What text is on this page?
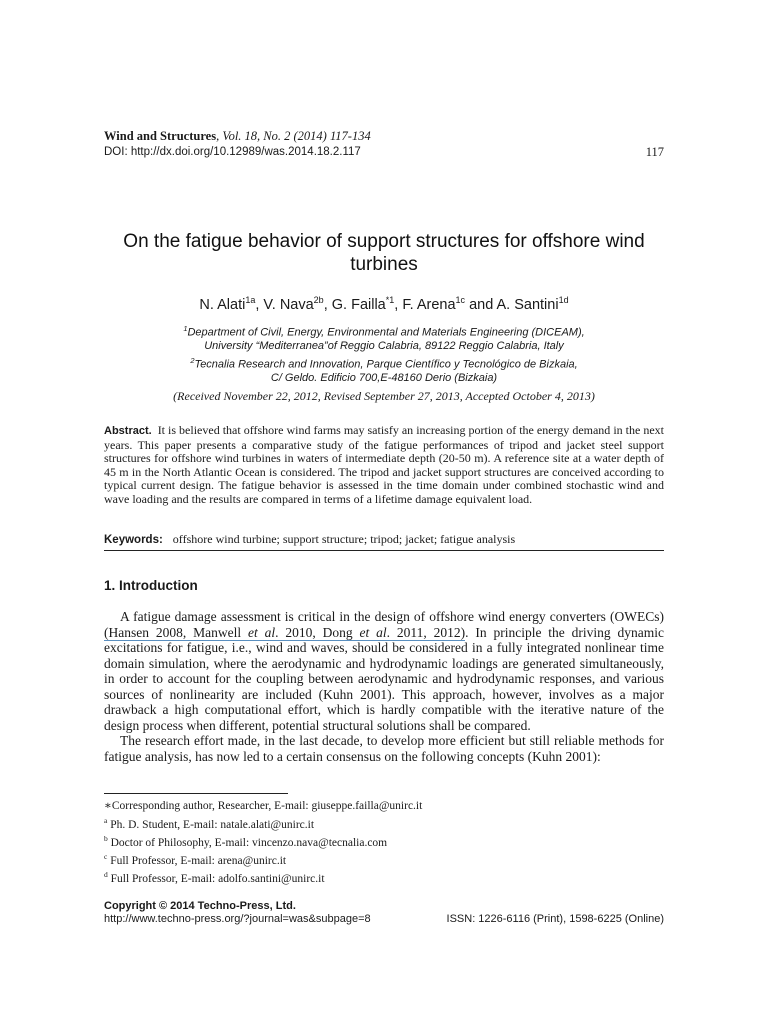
Wind and Structures, Vol. 18, No. 2 (2014) 117-134
DOI: http://dx.doi.org/10.12989/was.2014.18.2.117	117
On the fatigue behavior of support structures for offshore wind turbines
N. Alati$^{1a}$, V. Nava$^{2b}$, G. Failla$^{*1}$, F. Arena$^{1c}$ and A. Santini$^{1d}$
$^1$Department of Civil, Energy, Environmental and Materials Engineering (DICEAM),
University “Mediterranea”of Reggio Calabria, 89122 Reggio Calabria, Italy
$^2$Tecnalia Research and Innovation, Parque Científico y Tecnológico de Bizkaia,
C/ Geldo. Edificio 700,E-48160 Derio (Bizkaia)
(Received November 22, 2012, Revised September 27, 2013, Accepted October 4, 2013)
Abstract. It is believed that offshore wind farms may satisfy an increasing portion of the energy demand in the next years. This paper presents a comparative study of the fatigue performances of tripod and jacket steel support structures for offshore wind turbines in waters of intermediate depth (20-50 m). A reference site at a water depth of 45 m in the North Atlantic Ocean is considered. The tripod and jacket support structures are conceived according to typical current design. The fatigue behavior is assessed in the time domain under combined stochastic wind and wave loading and the results are compared in terms of a lifetime damage equivalent load.
Keywords: offshore wind turbine; support structure; tripod; jacket; fatigue analysis
1. Introduction

A fatigue damage assessment is critical in the design of offshore wind energy converters (OWECs) (Hansen 2008, Manwell et al. 2010, Dong et al. 2011, 2012). In principle the driving dynamic excitations for fatigue, i.e., wind and waves, should be considered in a fully integrated nonlinear time domain simulation, where the aerodynamic and hydrodynamic loadings are generated simultaneously, in order to account for the coupling between aerodynamic and hydrodynamic responses, and various sources of nonlinearity are included (Kuhn 2001). This approach, however, involves as a major drawback a high computational effort, which is hardly compatible with the iterative nature of the design process when different, potential structural solutions shall be compared.

The research effort made, in the last decade, to develop more efficient but still reliable methods for fatigue analysis, has now led to a certain consensus on the following concepts (Kuhn 2001):

∗Corresponding author, Researcher, E-mail: giuseppe.failla@unirc.it
$^a$ Ph. D. Student, E-mail: natale.alati@unirc.it
$^b$ Doctor of Philosophy, E-mail: vincenzo.nava@tecnalia.com
$^c$ Full Professor, E-mail: arena@unirc.it
$^d$ Full Professor, E-mail: adolfo.santini@unirc.it
Copyright © 2014 Techno-Press, Ltd.
http://www.techno-press.org/?journal=was&subpage=8	ISSN: 1226-6116 (Print), 1598-6225 (Online)
